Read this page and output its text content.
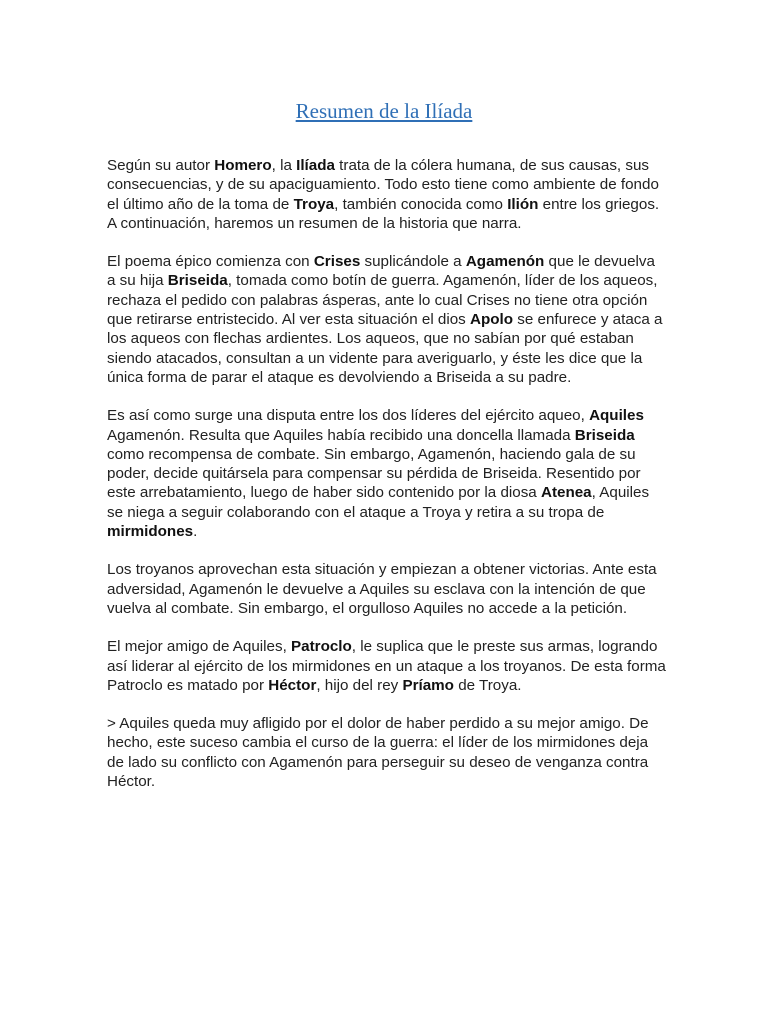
Resumen de la Ilíada

Según su autor Homero, la Ilíada trata de la cólera humana, de sus causas, sus consecuencias, y de su apaciguamiento. Todo esto tiene como ambiente de fondo el último año de la toma de Troya, también conocida como Ilión entre los griegos. A continuación, haremos un resumen de la historia que narra.

El poema épico comienza con Crises suplicándole a Agamenón que le devuelva a su hija Briseida, tomada como botín de guerra. Agamenón, líder de los aqueos, rechaza el pedido con palabras ásperas, ante lo cual Crises no tiene otra opción que retirarse entristecido. Al ver esta situación el dios Apolo se enfurece y ataca a los aqueos con flechas ardientes. Los aqueos, que no sabían por qué estaban siendo atacados, consultan a un vidente para averiguarlo, y éste les dice que la única forma de parar el ataque es devolviendo a Briseida a su padre.

Es así como surge una disputa entre los dos líderes del ejército aqueo, Aquiles Agamenón. Resulta que Aquiles había recibido una doncella llamada Briseida como recompensa de combate. Sin embargo, Agamenón, haciendo gala de su poder, decide quitársela para compensar su pérdida de Briseida. Resentido por este arrebatamiento, luego de haber sido contenido por la diosa Atenea, Aquiles se niega a seguir colaborando con el ataque a Troya y retira a su tropa de mirmidones.

Los troyanos aprovechan esta situación y empiezan a obtener victorias. Ante esta adversidad, Agamenón le devuelve a Aquiles su esclava con la intención de que vuelva al combate. Sin embargo, el orgulloso Aquiles no accede a la petición.

El mejor amigo de Aquiles, Patroclo, le suplica que le preste sus armas, logrando así liderar al ejército de los mirmidones en un ataque a los troyanos. De esta forma Patroclo es matado por Héctor, hijo del rey Príamo de Troya.

> Aquiles queda muy afligido por el dolor de haber perdido a su mejor amigo. De hecho, este suceso cambia el curso de la guerra: el líder de los mirmidones deja de lado su conflicto con Agamenón para perseguir su deseo de venganza contra Héctor.
